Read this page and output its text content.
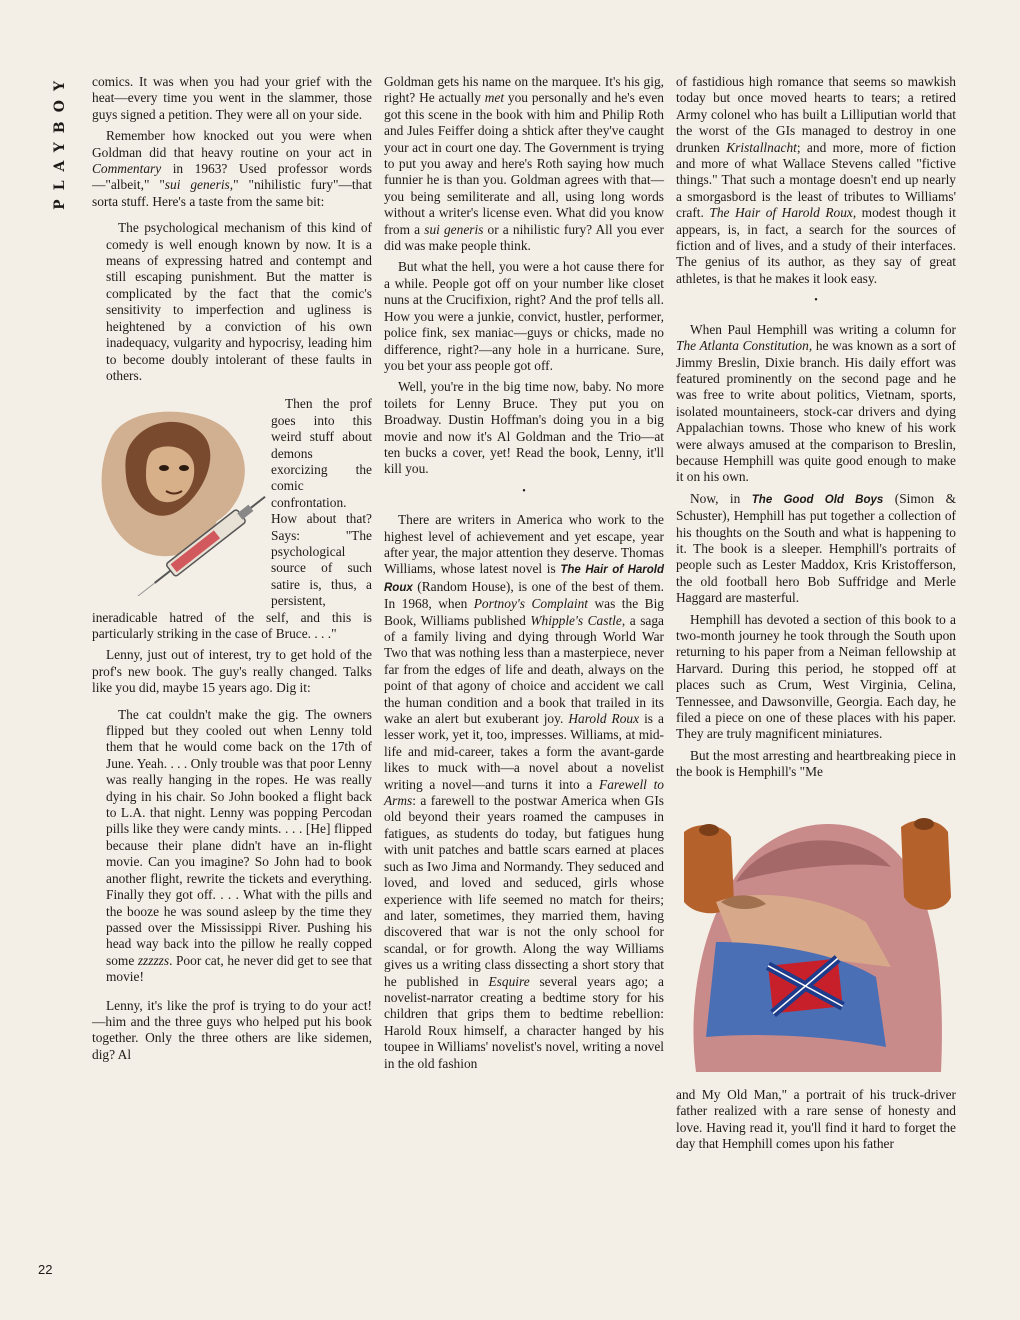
PLAYBOY
22

comics. It was when you had your grief with the heat—every time you went in the slammer, those guys signed a petition. They were all on your side.

Remember how knocked out you were when Goldman did that heavy routine on your act in Commentary in 1963? Used professor words—"albeit," "sui generis," "nihilistic fury"—that sorta stuff. Here's a taste from the same bit:

The psychological mechanism of this kind of comedy is well enough known by now. It is a means of expressing hatred and contempt and still escaping punishment. But the matter is complicated by the fact that the comic's sensitivity to imperfection and ugliness is heightened by a conviction of his own inadequacy, vulgarity and hypocrisy, leading him to become doubly intolerant of these faults in others.

Then the prof goes into this weird stuff about demons exorcizing the comic confrontation. How about that? Says: "The psychological source of such satire is, thus, a persistent, ineradicable hatred of the self, and this is particularly striking in the case of Bruce. . . ."

Lenny, just out of interest, try to get hold of the prof's new book. The guy's really changed. Talks like you did, maybe 15 years ago. Dig it:

The cat couldn't make the gig. The owners flipped but they cooled out when Lenny told them that he would come back on the 17th of June. Yeah. . . . Only trouble was that poor Lenny was really hanging in the ropes. He was really dying in his chair. So John booked a flight back to L.A. that night. Lenny was popping Percodan pills like they were candy mints. . . . [He] flipped because their plane didn't have an in-flight movie. Can you imagine? So John had to book another flight, rewrite the tickets and everything. Finally they got off. . . . What with the pills and the booze he was sound asleep by the time they passed over the Mississippi River. Pushing his head way back into the pillow he really copped some zzzzzs. Poor cat, he never did get to see that movie!

Lenny, it's like the prof is trying to do your act!—him and the three guys who helped put his book together. Only the three others are like sidemen, dig? Al

Goldman gets his name on the marquee. It's his gig, right? He actually met you personally and he's even got this scene in the book with him and Philip Roth and Jules Feiffer doing a shtick after they've caught your act in court one day. The Government is trying to put you away and here's Roth saying how much funnier he is than you. Goldman agrees with that—you being semiliterate and all, using long words without a writer's license even. What did you know from a sui generis or a nihilistic fury? All you ever did was make people think.

But what the hell, you were a hot cause there for a while. People got off on your number like closet nuns at the Crucifixion, right? And the prof tells all. How you were a junkie, convict, hustler, performer, police fink, sex maniac—guys or chicks, made no difference, right?—any hole in a hurricane. Sure, you bet your ass people got off.

Well, you're in the big time now, baby. No more toilets for Lenny Bruce. They put you on Broadway. Dustin Hoffman's doing you in a big movie and now it's Al Goldman and the Trio—at ten bucks a cover, yet! Read the book, Lenny, it'll kill you.

•

There are writers in America who work to the highest level of achievement and yet escape, year after year, the major attention they deserve. Thomas Williams, whose latest novel is The Hair of Harold Roux (Random House), is one of the best of them. In 1968, when Portnoy's Complaint was the Big Book, Williams published Whipple's Castle, a saga of a family living and dying through World War Two that was nothing less than a masterpiece, never far from the edges of life and death, always on the point of that agony of choice and accident we call the human condition and a book that trailed in its wake an alert but exuberant joy. Harold Roux is a lesser work, yet it, too, impresses. Williams, at mid-life and mid-career, takes a form the avant-garde likes to muck with—a novel about a novelist writing a novel—and turns it into a Farewell to Arms: a farewell to the postwar America when GIs old beyond their years roamed the campuses in fatigues, as students do today, but fatigues hung with unit patches and battle scars earned at places such as Iwo Jima and Normandy. They seduced and loved, and loved and seduced, girls whose experience with life seemed no match for theirs; and later, sometimes, they married them, having discovered that war is not the only school for scandal, or for growth. Along the way Williams gives us a writing class dissecting a short story that he published in Esquire several years ago; a novelist-narrator creating a bedtime story for his children that grips them to bedtime rebellion: Harold Roux himself, a character hanged by his toupee in Williams' novelist's novel, writing a novel in the old fashion

of fastidious high romance that seems so mawkish today but once moved hearts to tears; a retired Army colonel who has built a Lilliputian world that the worst of the GIs managed to destroy in one drunken Kristallnacht; and more, more of fiction and more of what Wallace Stevens called "fictive things." That such a montage doesn't end up nearly a smorgasbord is the least of tributes to Williams' craft. The Hair of Harold Roux, modest though it appears, is, in fact, a search for the sources of fiction and of lives, and a study of their interfaces. The genius of its author, as they say of great athletes, is that he makes it look easy.

•

When Paul Hemphill was writing a column for The Atlanta Constitution, he was known as a sort of Jimmy Breslin, Dixie branch. His daily effort was featured prominently on the second page and he was free to write about politics, Vietnam, sports, isolated mountaineers, stock-car drivers and dying Appalachian towns. Those who knew of his work were always amused at the comparison to Breslin, because Hemphill was quite good enough to make it on his own.

Now, in The Good Old Boys (Simon & Schuster), Hemphill has put together a collection of his thoughts on the South and what is happening to it. The book is a sleeper. Hemphill's portraits of people such as Lester Maddox, Kris Kristofferson, the old football hero Bob Suffridge and Merle Haggard are masterful.

Hemphill has devoted a section of this book to a two-month journey he took through the South upon returning to his paper from a Neiman fellowship at Harvard. During this period, he stopped off at places such as Crum, West Virginia, Celina, Tennessee, and Dawsonville, Georgia. Each day, he filed a piece on one of these places with his paper. They are truly magnificent miniatures.

But the most arresting and heartbreaking piece in the book is Hemphill's "Me

and My Old Man," a portrait of his truck-driver father realized with a rare sense of honesty and love. Having read it, you'll find it hard to forget the day that Hemphill comes upon his father
